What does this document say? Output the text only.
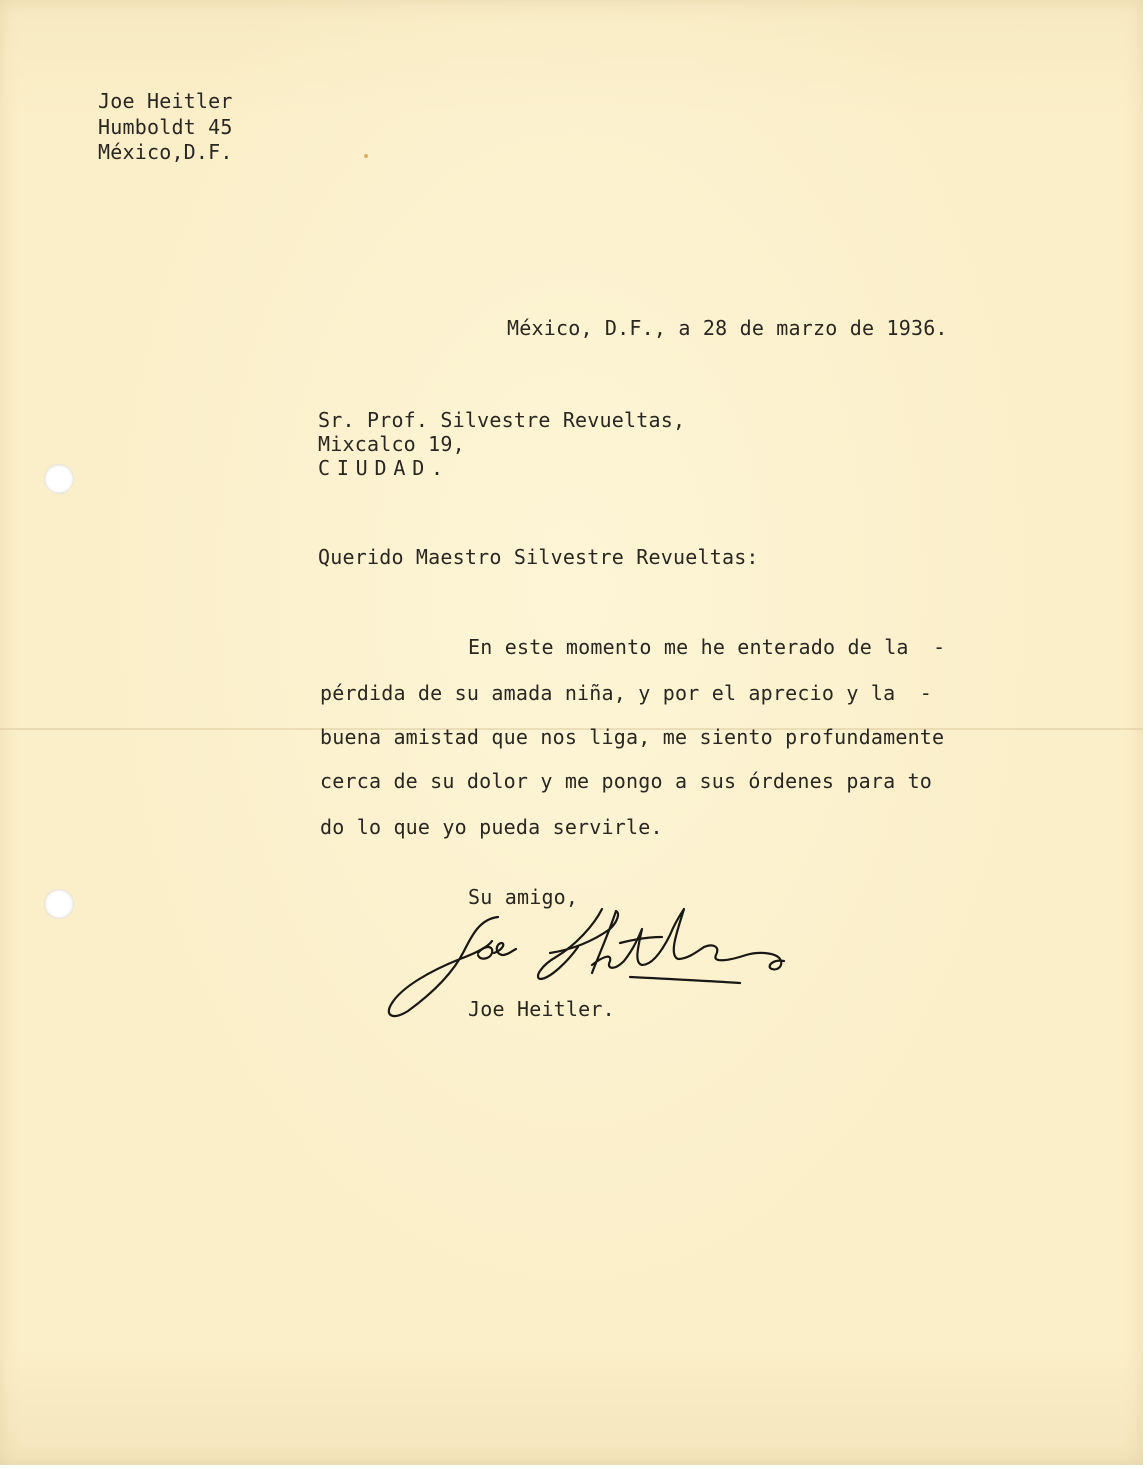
Joe Heitler
Humboldt 45
México,D.F.
México, D.F., a 28 de marzo de 1936.
Sr. Prof. Silvestre Revueltas,
Mixcalco 19,
CIUDAD.
Querido Maestro Silvestre Revueltas:
En este momento me he enterado de la  -
pérdida de su amada niña, y por el aprecio y la  -
buena amistad que nos liga, me siento profundamente
cerca de su dolor y me pongo a sus órdenes para to
do lo que yo pueda servirle.
Su amigo,
Joe Heitler.
